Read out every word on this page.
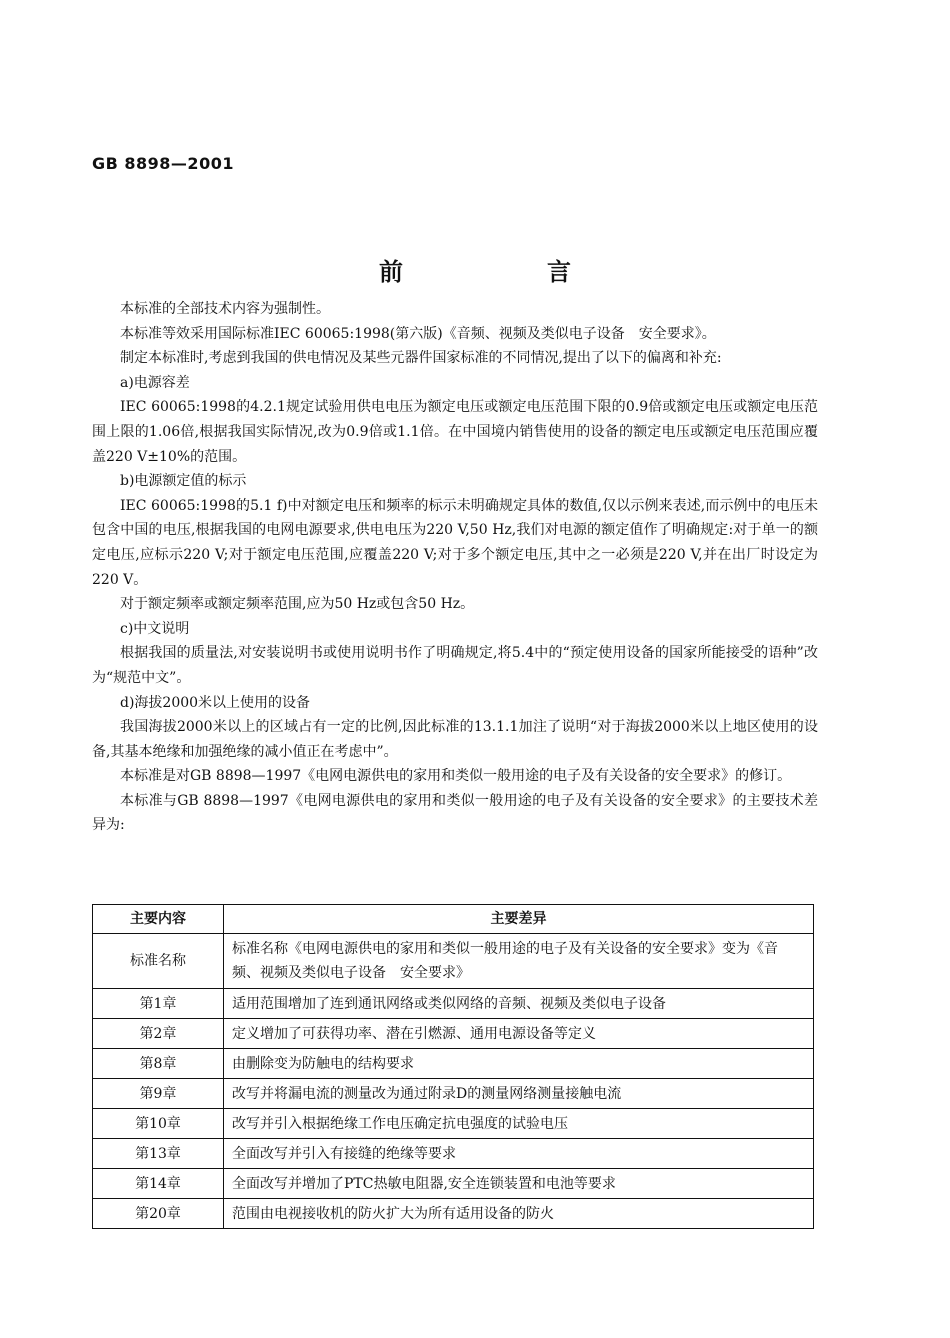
GB 8898—2001
前　言

本标准的全部技术内容为强制性。

本标准等效采用国际标准IEC 60065:1998(第六版)《音频、视频及类似电子设备　安全要求》。

制定本标准时,考虑到我国的供电情况及某些元器件国家标准的不同情况,提出了以下的偏离和补充:

a)电源容差

IEC 60065:1998的4.2.1规定试验用供电电压为额定电压或额定电压范围下限的0.9倍或额定电压或额定电压范围上限的1.06倍,根据我国实际情况,改为0.9倍或1.1倍。在中国境内销售使用的设备的额定电压或额定电压范围应覆盖220 V±10%的范围。

b)电源额定值的标示

IEC 60065:1998的5.1 f)中对额定电压和频率的标示未明确规定具体的数值,仅以示例来表述,而示例中的电压未包含中国的电压,根据我国的电网电源要求,供电电压为220 V,50 Hz,我们对电源的额定值作了明确规定:对于单一的额定电压,应标示220 V;对于额定电压范围,应覆盖220 V;对于多个额定电压,其中之一必须是220 V,并在出厂时设定为220 V。

对于额定频率或额定频率范围,应为50 Hz或包含50 Hz。

c)中文说明

根据我国的质量法,对安装说明书或使用说明书作了明确规定,将5.4中的“预定使用设备的国家所能接受的语种”改为“规范中文”。

d)海拔2000米以上使用的设备

我国海拔2000米以上的区域占有一定的比例,因此标准的13.1.1加注了说明“对于海拔2000米以上地区使用的设备,其基本绝缘和加强绝缘的减小值正在考虑中”。

本标准是对GB 8898—1997《电网电源供电的家用和类似一般用途的电子及有关设备的安全要求》的修订。

本标准与GB 8898—1997《电网电源供电的家用和类似一般用途的电子及有关设备的安全要求》的主要技术差异为:

主要内容	主要差异
标准名称	标准名称《电网电源供电的家用和类似一般用途的电子及有关设备的安全要求》变为《音频、视频及类似电子设备　安全要求》
第1章	适用范围增加了连到通讯网络或类似网络的音频、视频及类似电子设备
第2章	定义增加了可获得功率、潜在引燃源、通用电源设备等定义
第8章	由删除变为防触电的结构要求
第9章	改写并将漏电流的测量改为通过附录D的测量网络测量接触电流
第10章	改写并引入根据绝缘工作电压确定抗电强度的试验电压
第13章	全面改写并引入有接缝的绝缘等要求
第14章	全面改写并增加了PTC热敏电阻器,安全连锁装置和电池等要求
第20章	范围由电视接收机的防火扩大为所有适用设备的防火
